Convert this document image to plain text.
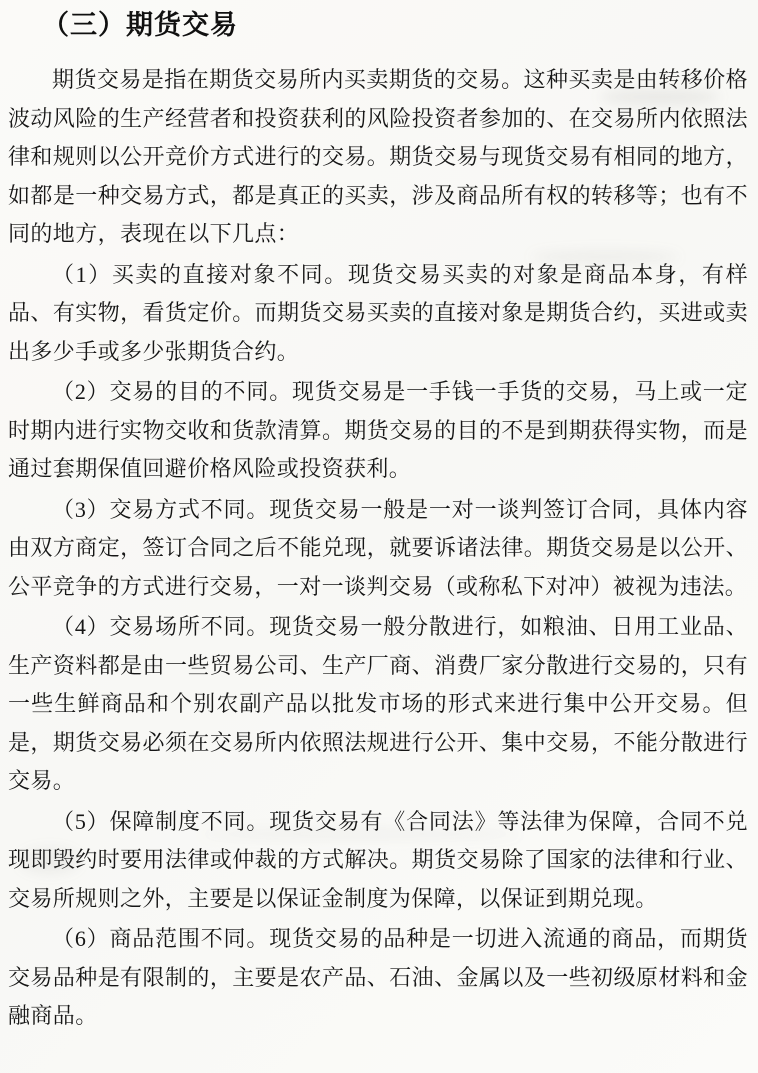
（三）期货交易

期货交易是指在期货交易所内买卖期货的交易。这种买卖是由转移价格波动风险的生产经营者和投资获利的风险投资者参加的、在交易所内依照法律和规则以公开竞价方式进行的交易。期货交易与现货交易有相同的地方，如都是一种交易方式，都是真正的买卖，涉及商品所有权的转移等；也有不同的地方，表现在以下几点：

（1）买卖的直接对象不同。现货交易买卖的对象是商品本身，有样品、有实物，看货定价。而期货交易买卖的直接对象是期货合约，买进或卖出多少手或多少张期货合约。

（2）交易的目的不同。现货交易是一手钱一手货的交易，马上或一定时期内进行实物交收和货款清算。期货交易的目的不是到期获得实物，而是通过套期保值回避价格风险或投资获利。

（3）交易方式不同。现货交易一般是一对一谈判签订合同，具体内容由双方商定，签订合同之后不能兑现，就要诉诸法律。期货交易是以公开、公平竞争的方式进行交易，一对一谈判交易（或称私下对冲）被视为违法。

（4）交易场所不同。现货交易一般分散进行，如粮油、日用工业品、生产资料都是由一些贸易公司、生产厂商、消费厂家分散进行交易的，只有一些生鲜商品和个别农副产品以批发市场的形式来进行集中公开交易。但是，期货交易必须在交易所内依照法规进行公开、集中交易，不能分散进行交易。

（5）保障制度不同。现货交易有《合同法》等法律为保障，合同不兑现即毁约时要用法律或仲裁的方式解决。期货交易除了国家的法律和行业、交易所规则之外，主要是以保证金制度为保障，以保证到期兑现。

（6）商品范围不同。现货交易的品种是一切进入流通的商品，而期货交易品种是有限制的，主要是农产品、石油、金属以及一些初级原材料和金融商品。
